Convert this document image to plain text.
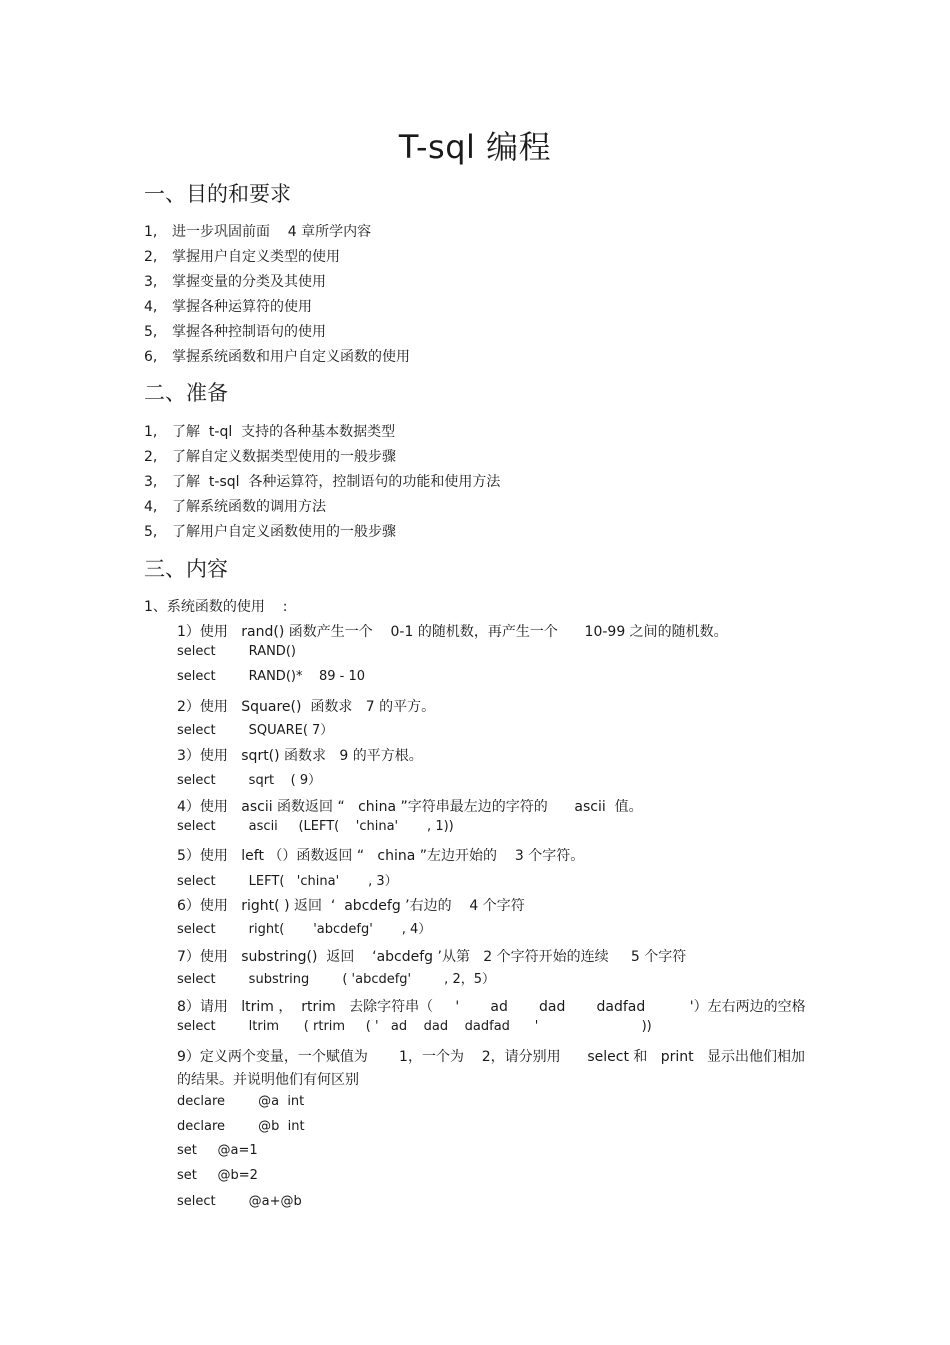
T-sql 编程
一、目的和要求
1, 进一步巩固前面    4 章所学内容
2, 掌握用户自定义类型的使用
3, 掌握变量的分类及其使用
4, 掌握各种运算符的使用
5, 掌握各种控制语句的使用
6, 掌握系统函数和用户自定义函数的使用
二、准备
1, 了解  t-ql  支持的各种基本数据类型
2, 了解自定义数据类型使用的一般步骤
3, 了解  t-sql  各种运算符，控制语句的功能和使用方法
4, 了解系统函数的调用方法
5, 了解用户自定义函数使用的一般步骤
三、内容
1、系统函数的使用    :
1）使用   rand() 函数产生一个    0-1 的随机数，再产生一个      10-99 之间的随机数。
select        RAND()
select        RAND()*    89 - 10
2）使用   Square()  函数求   7 的平方。
select        SQUARE( 7）
3）使用   sqrt() 函数求   9 的平方根。
select        sqrt    ( 9）
4）使用   ascii 函数返回 “   china ”字符串最左边的字符的      ascii  值。
select        ascii     (LEFT(    'china'       , 1))
5）使用   left （）函数返回 “   china ”左边开始的    3 个字符。
select        LEFT(   'china'       , 3）
6）使用   right( ) 返回  ‘  abcdefg ’右边的    4 个字符
select        right(       'abcdefg'       , 4）
7）使用   substring()  返回    ‘abcdefg ’从第   2 个字符开始的连续     5 个字符
select        substring        ( 'abcdefg'        , 2，5）
8）请用   ltrim ，  rtrim   去除字符串（     '       ad       dad       dadfad          '）左右两边的空格
select        ltrim      ( rtrim     ( '   ad    dad    dadfad      '                         ))
9）定义两个变量，一个赋值为       1，一个为    2，请分别用      select 和   print   显示出他们相加
的结果。并说明他们有何区别
declare        @a  int
declare        @b  int
set     @a=1
set     @b=2
select        @a+@b
